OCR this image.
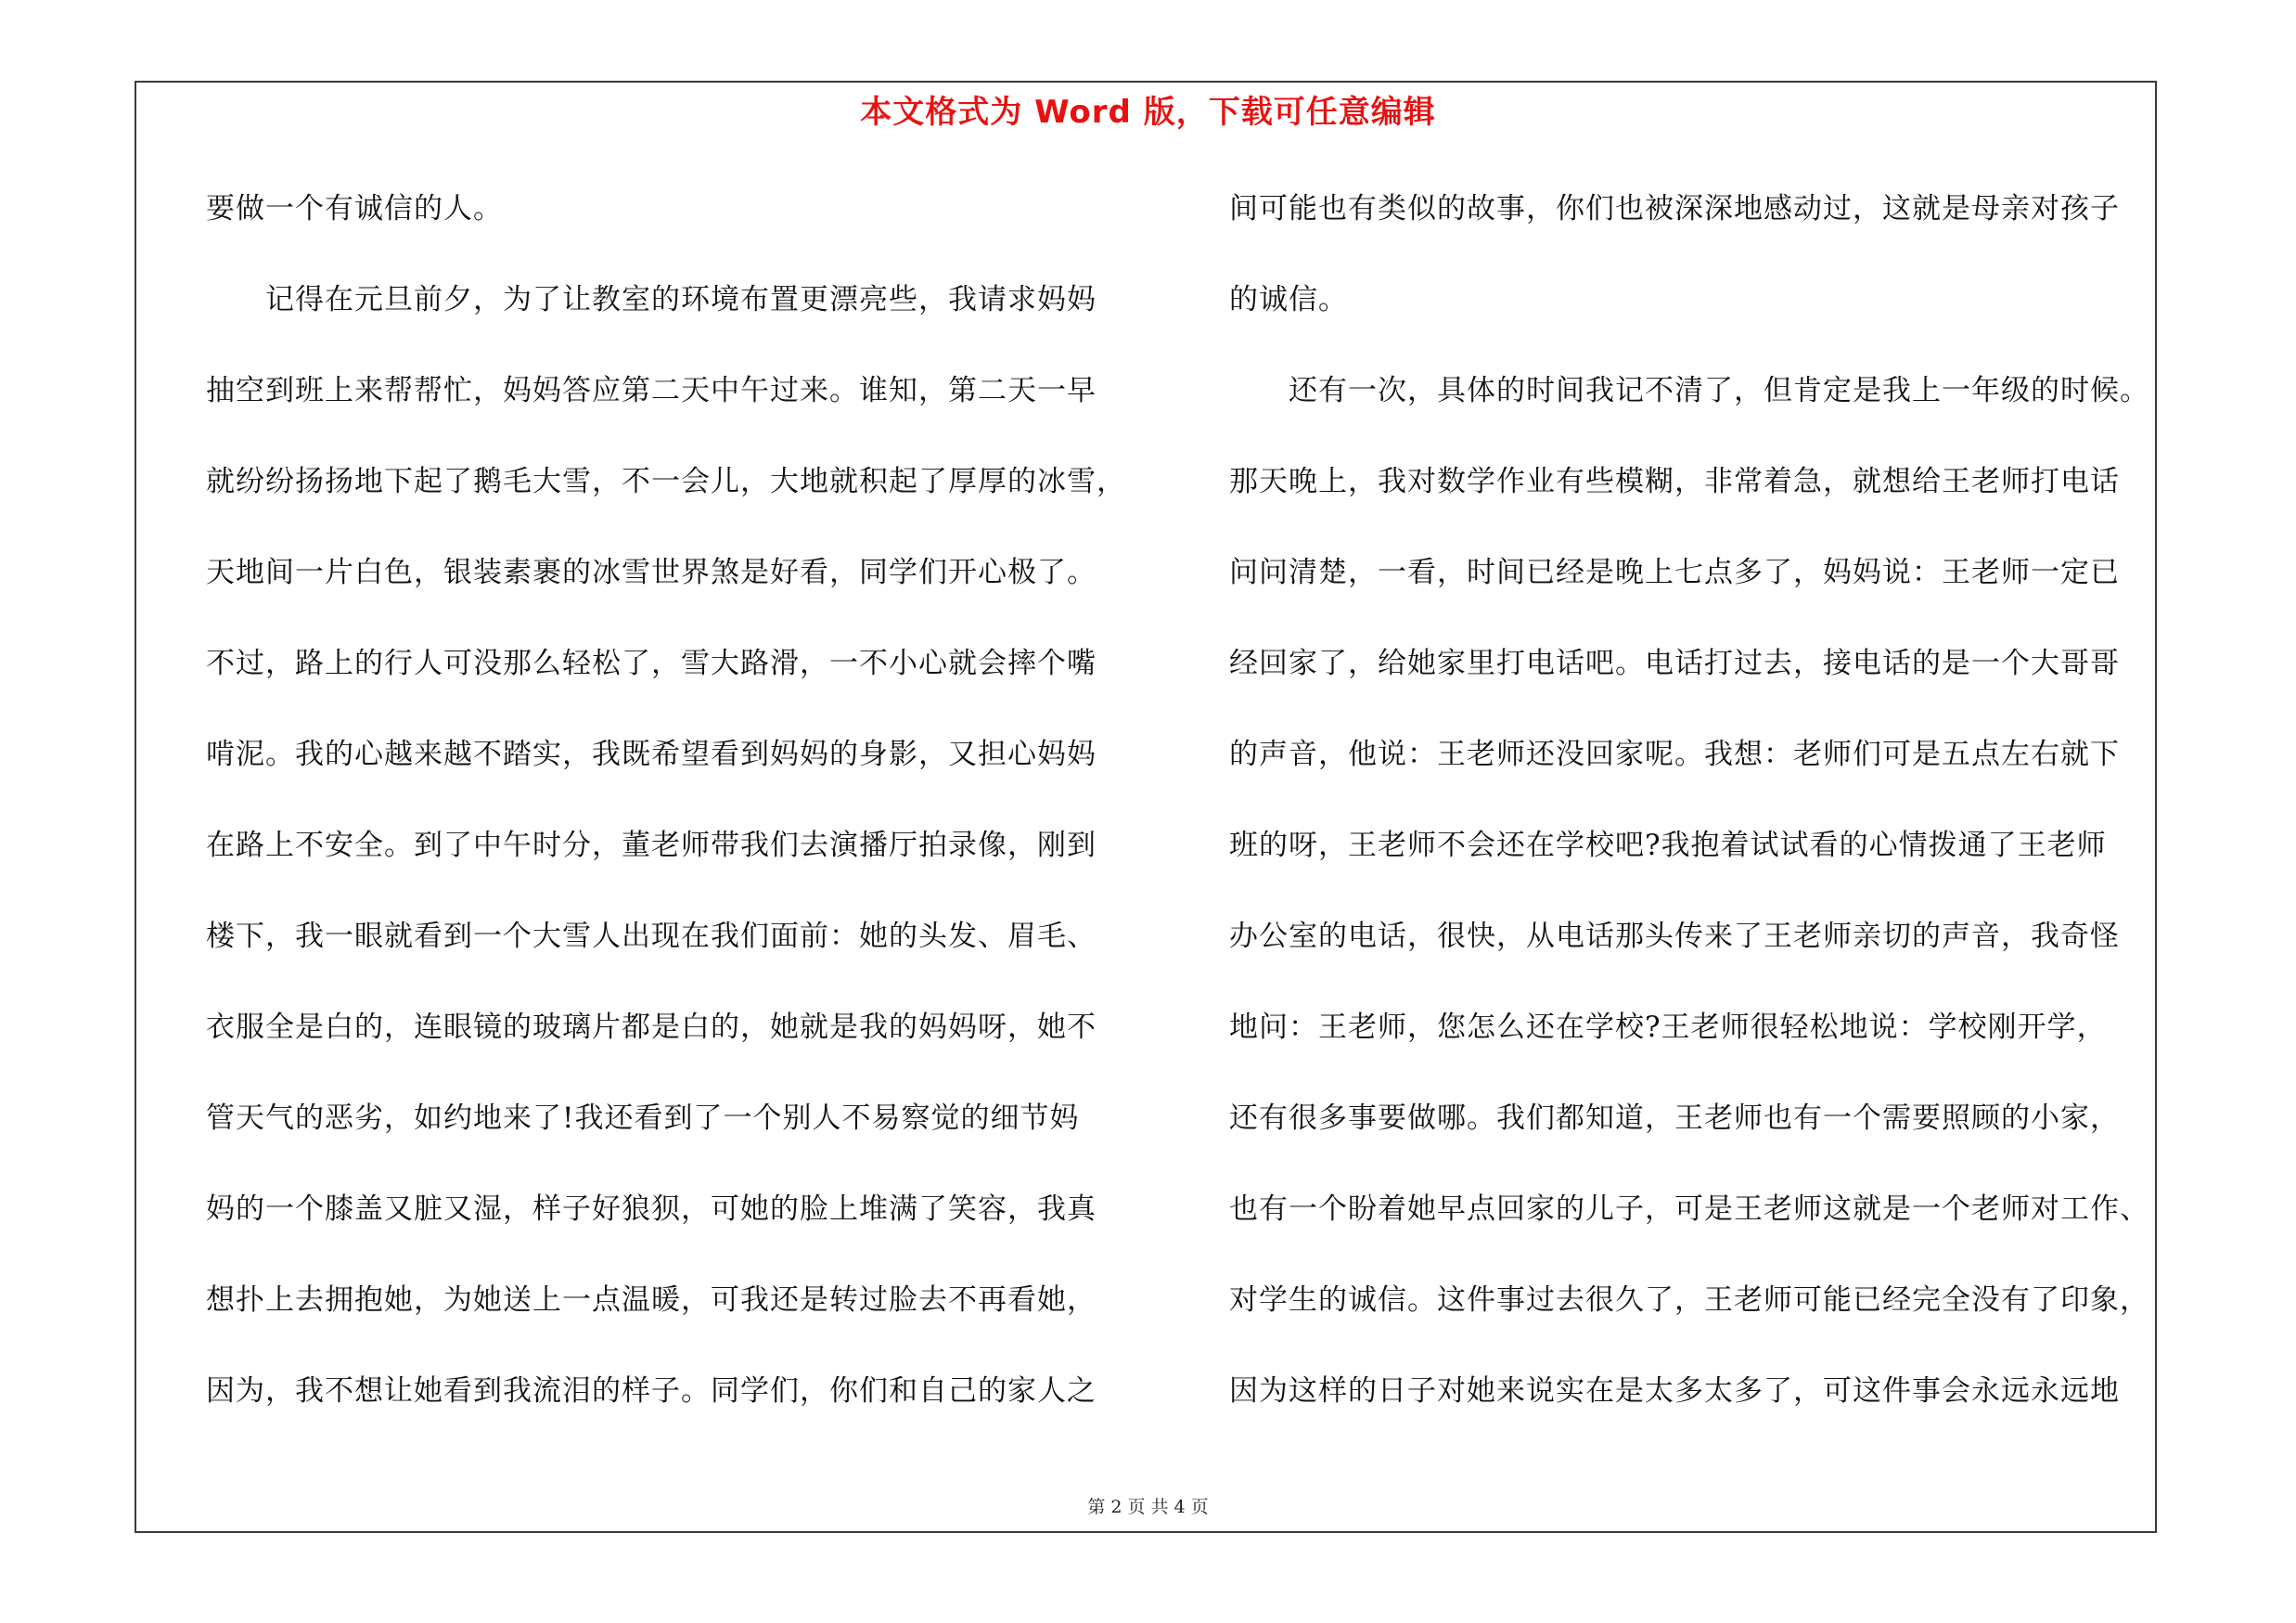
本文格式为 Word 版，下载可任意编辑
要做一个有诚信的人。
　　记得在元旦前夕，为了让教室的环境布置更漂亮些，我请求妈妈
抽空到班上来帮帮忙，妈妈答应第二天中午过来。谁知，第二天一早
就纷纷扬扬地下起了鹅毛大雪，不一会儿，大地就积起了厚厚的冰雪，
天地间一片白色，银装素裹的冰雪世界煞是好看，同学们开心极了。
不过，路上的行人可没那么轻松了，雪大路滑，一不小心就会摔个嘴
啃泥。我的心越来越不踏实，我既希望看到妈妈的身影，又担心妈妈
在路上不安全。到了中午时分，董老师带我们去演播厅拍录像，刚到
楼下，我一眼就看到一个大雪人出现在我们面前：她的头发、眉毛、
衣服全是白的，连眼镜的玻璃片都是白的，她就是我的妈妈呀，她不
管天气的恶劣，如约地来了!我还看到了一个别人不易察觉的细节妈
妈的一个膝盖又脏又湿，样子好狼狈，可她的脸上堆满了笑容，我真
想扑上去拥抱她，为她送上一点温暖，可我还是转过脸去不再看她，
因为，我不想让她看到我流泪的样子。同学们，你们和自己的家人之
间可能也有类似的故事，你们也被深深地感动过，这就是母亲对孩子
的诚信。
　　还有一次，具体的时间我记不清了，但肯定是我上一年级的时候。
那天晚上，我对数学作业有些模糊，非常着急，就想给王老师打电话
问问清楚，一看，时间已经是晚上七点多了，妈妈说：王老师一定已
经回家了，给她家里打电话吧。电话打过去，接电话的是一个大哥哥
的声音，他说：王老师还没回家呢。我想：老师们可是五点左右就下
班的呀，王老师不会还在学校吧?我抱着试试看的心情拨通了王老师
办公室的电话，很快，从电话那头传来了王老师亲切的声音，我奇怪
地问：王老师，您怎么还在学校?王老师很轻松地说：学校刚开学，
还有很多事要做哪。我们都知道，王老师也有一个需要照顾的小家，
也有一个盼着她早点回家的儿子，可是王老师这就是一个老师对工作、
对学生的诚信。这件事过去很久了，王老师可能已经完全没有了印象，
因为这样的日子对她来说实在是太多太多了，可这件事会永远永远地
第 2 页 共 4 页
